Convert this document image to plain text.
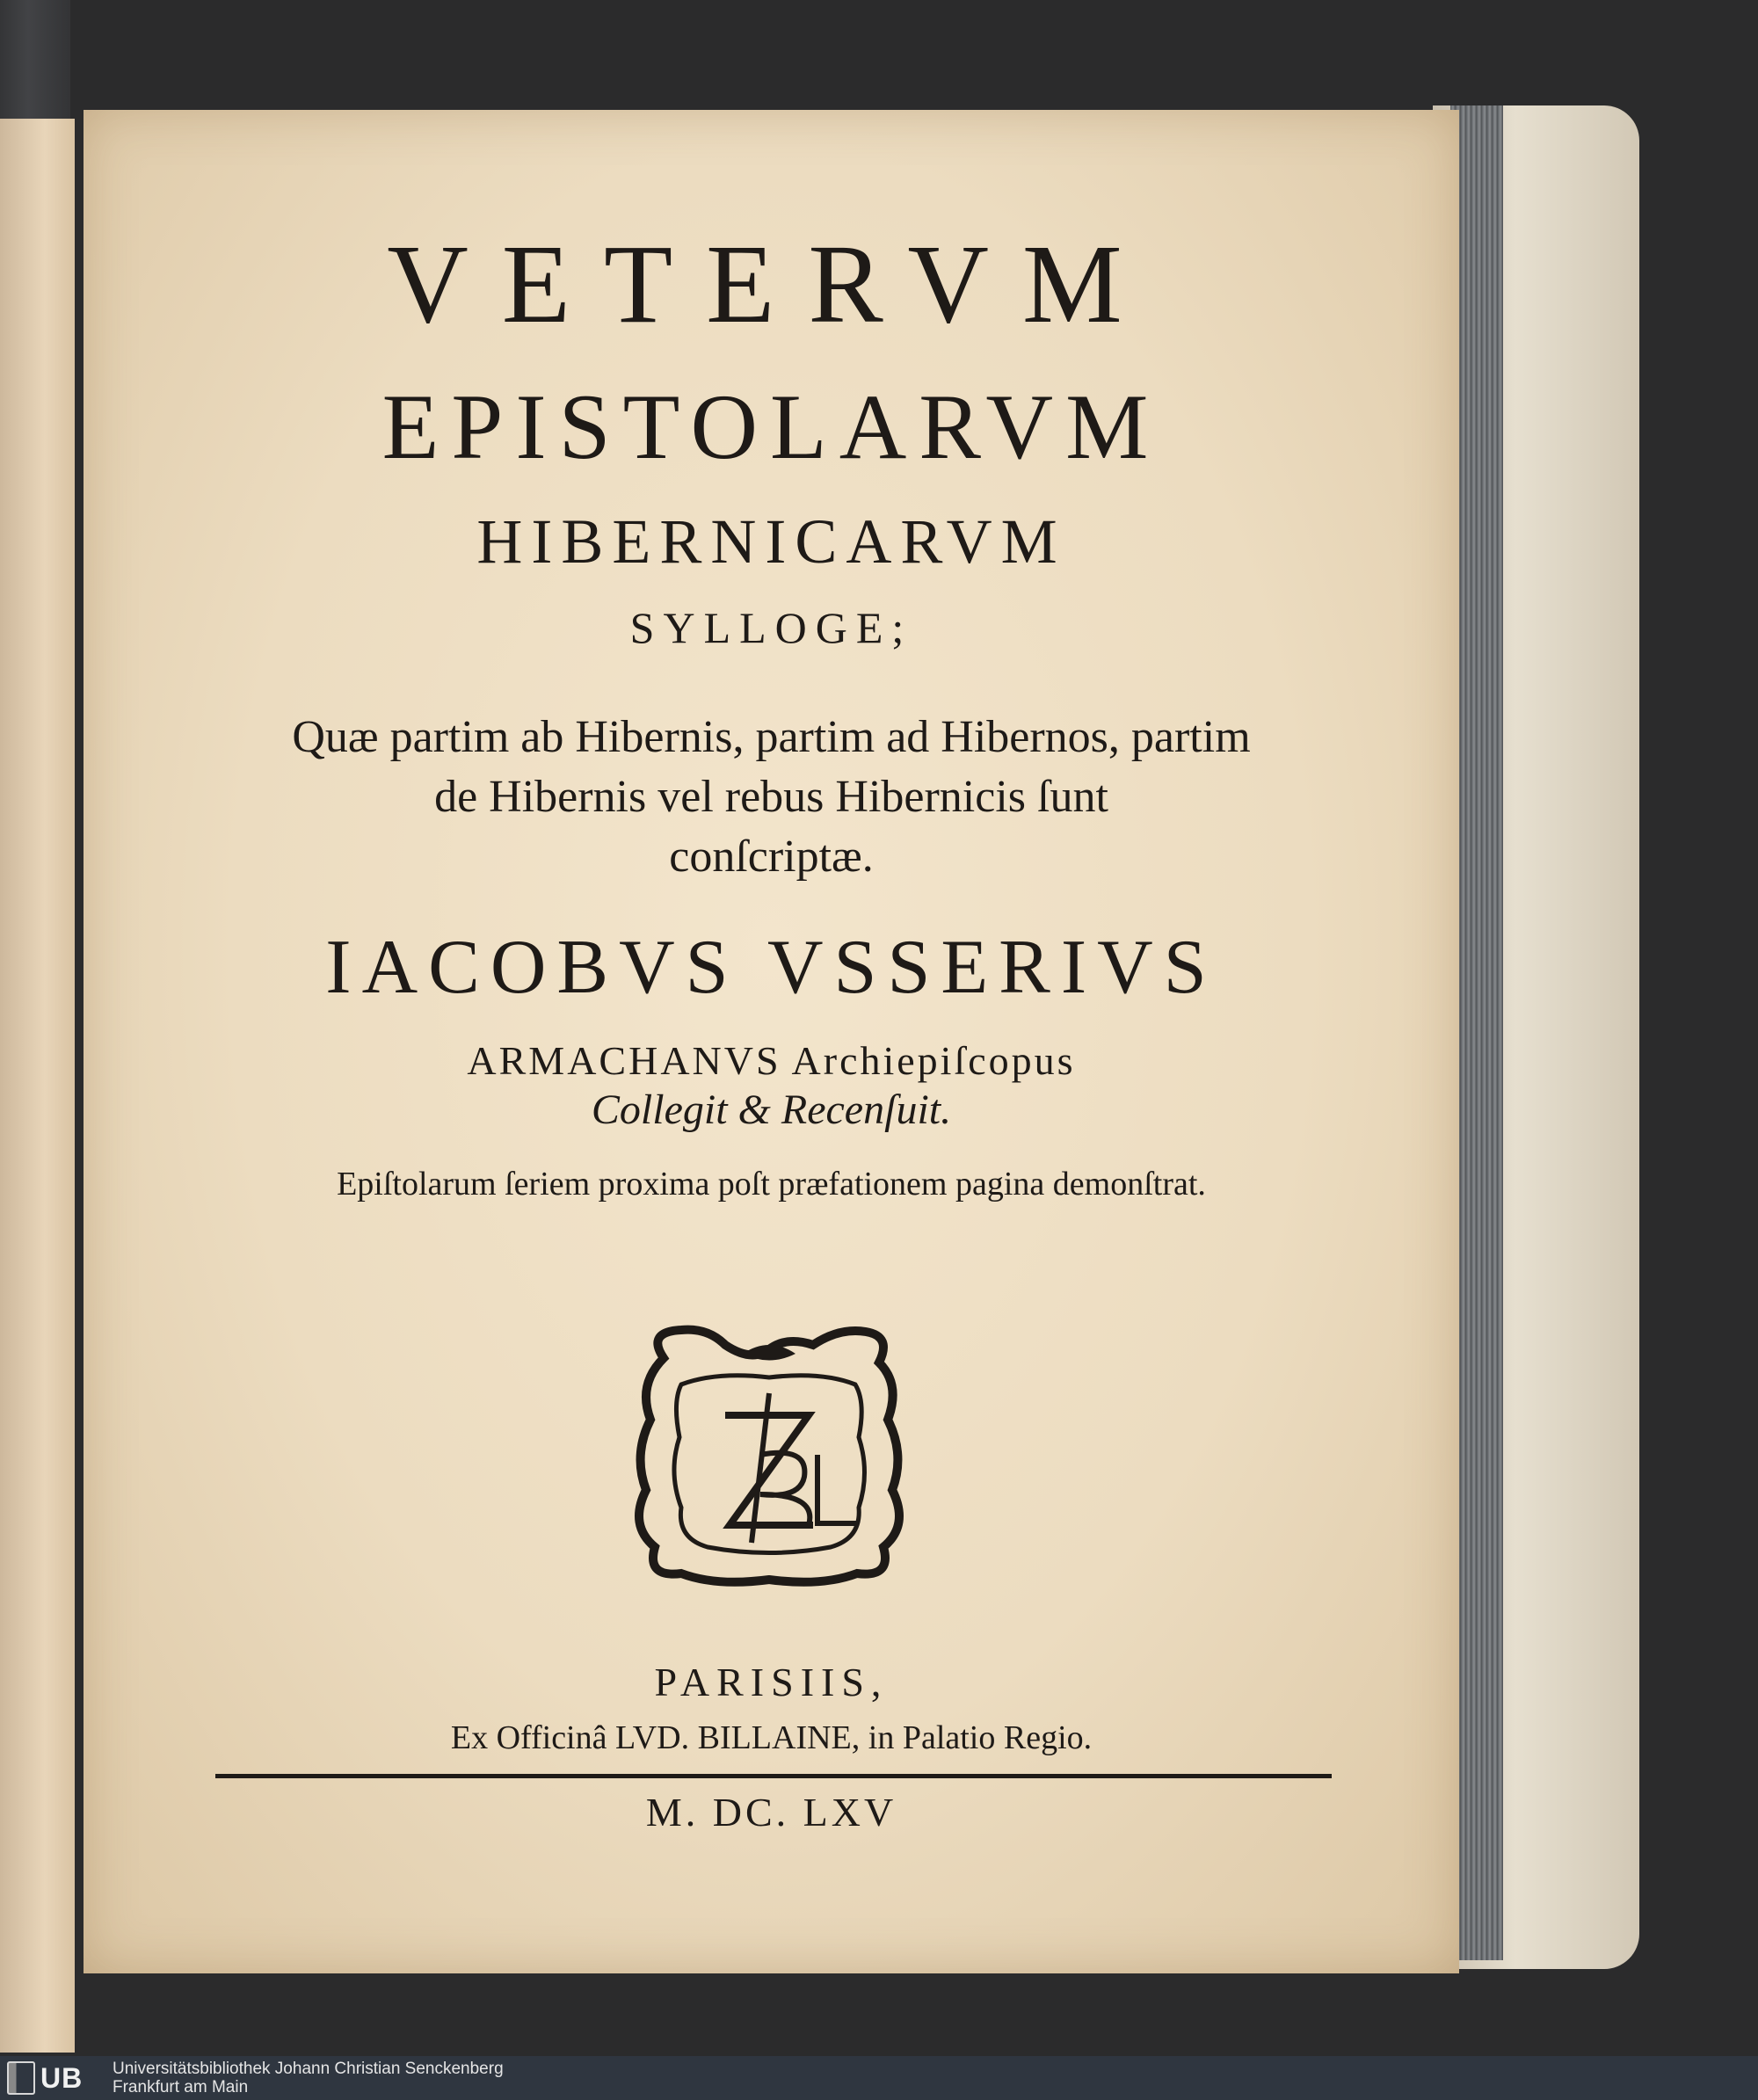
VETERVM
EPISTOLARVM
HIBERNICARVM
SYLLOGE;
Quæ partim ab Hibernis, partim ad Hibernos, partim
de Hibernis vel rebus Hibernicis ſunt
conſcriptæ.
IACOBVS VSSERIVS
ARMACHANVS Archiepiſcopus
Collegit & Recenſuit.
Epiſtolarum ſeriem proxima poſt præfationem pagina demonſtrat.
PARISIIS,
Ex Officinâ LVD. BILLAINE, in Palatio Regio.
M. DC. LXV
UB Universitätsbibliothek Johann Christian Senckenberg
Frankfurt am Main
